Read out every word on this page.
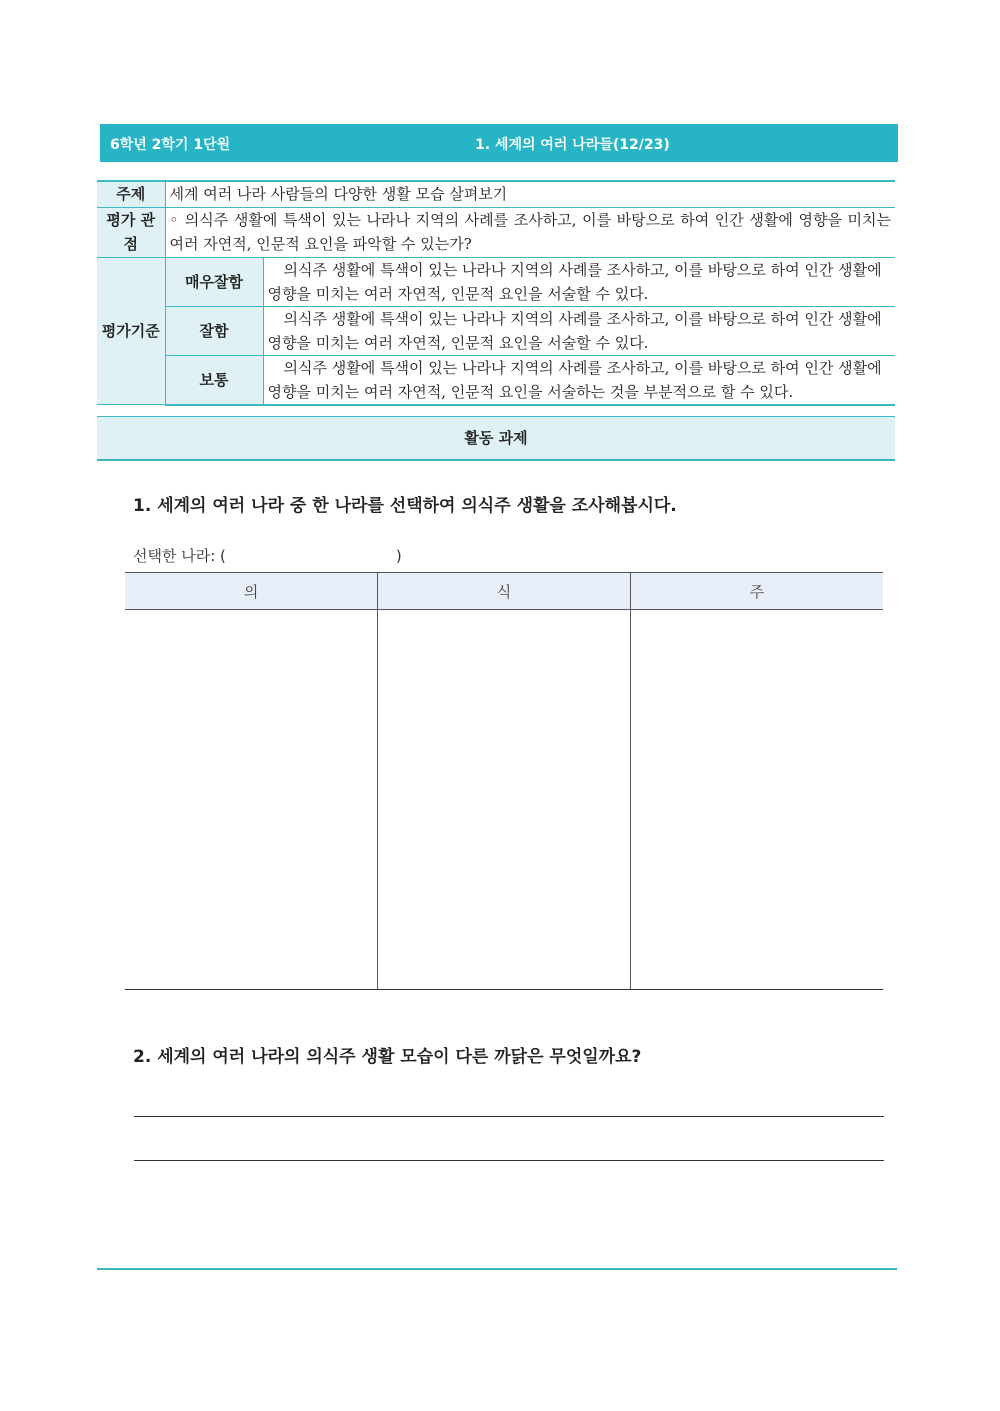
6학년 2학기 1단원	1. 세계의 여러 나라들(12/23)
주제	세계 여러 나라 사람들의 다양한 생활 모습 살펴보기	
평가 관점	◦ 의식주 생활에 특색이 있는 나라나 지역의 사례를 조사하고, 이를 바탕으로 하여 인간 생활에 영향을 미치는 여러 자연적, 인문적 요인을 파악할 수 있는가?	
평가기준	매우잘함	의식주 생활에 특색이 있는 나라나 지역의 사례를 조사하고, 이를 바탕으로 하여 인간 생활에 영향을 미치는 여러 자연적, 인문적 요인을 서술할 수 있다.
	잘함	의식주 생활에 특색이 있는 나라나 지역의 사례를 조사하고, 이를 바탕으로 하여 인간 생활에 영향을 미치는 여러 자연적, 인문적 요인을 서술할 수 있다.
	보통	의식주 생활에 특색이 있는 나라나 지역의 사례를 조사하고, 이를 바탕으로 하여 인간 생활에 영향을 미치는 여러 자연적, 인문적 요인을 서술하는 것을 부분적으로 할 수 있다.
활동 과제
1. 세계의 여러 나라 중 한 나라를 선택하여 의식주 생활을 조사해봅시다.
선택한 나라: (	)
의	식	주

2. 세계의 여러 나라의 의식주 생활 모습이 다른 까닭은 무엇일까요?
